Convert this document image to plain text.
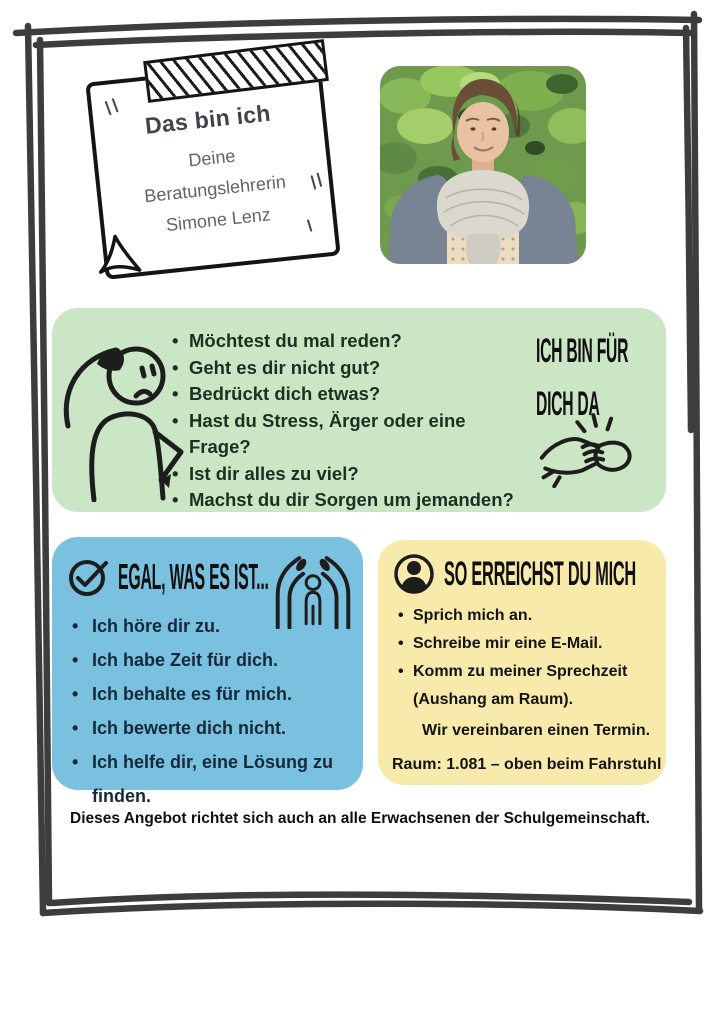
Das bin ich
Deine
Beratungslehrerin
Simone Lenz
• Möchtest du mal reden?
• Geht es dir nicht gut?
• Bedrückt dich etwas?
• Hast du Stress, Ärger oder eine Frage?
• Ist dir alles zu viel?
• Machst du dir Sorgen um jemanden?
ICH BIN FÜR
DICH DA
EGAL, WAS ES IST...
• Ich höre dir zu.
• Ich habe Zeit für dich.
• Ich behalte es für mich.
• Ich bewerte dich nicht.
• Ich helfe dir, eine Lösung zu finden.
SO ERREICHST DU MICH
• Sprich mich an.
• Schreibe mir eine E-Mail.
• Komm zu meiner Sprechzeit (Aushang am Raum).
Wir vereinbaren einen Termin.
Raum: 1.081 – oben beim Fahrstuhl
Dieses Angebot richtet sich auch an alle Erwachsenen der Schulgemeinschaft.
